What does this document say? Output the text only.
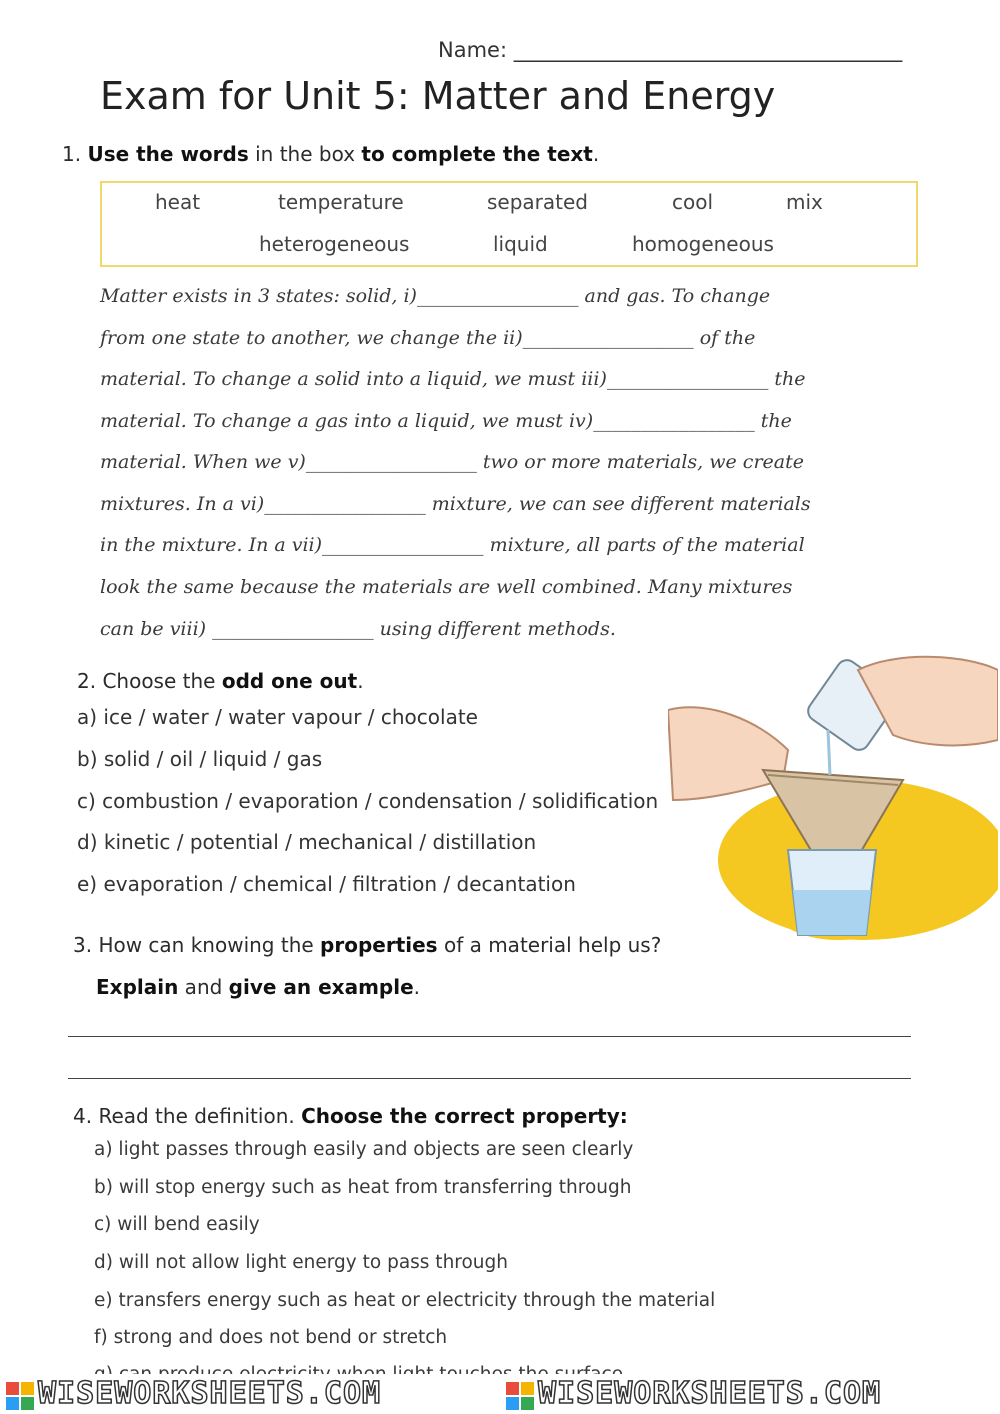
Name: _____________________________________
Exam for Unit 5: Matter and Energy
1. Use the words in the box to complete the text.
heat	temperature	separated	cool	mix
heterogeneous	liquid	homogeneous
Matter exists in 3 states: solid, i)_________________ and gas. To change
from one state to another, we change the ii)__________________ of the
material. To change a solid into a liquid, we must iii)_________________ the
material. To change a gas into a liquid, we must iv)_________________ the
material. When we v)__________________ two or more materials, we create
mixtures. In a vi)_________________ mixture, we can see different materials
in the mixture. In a vii)_________________ mixture, all parts of the material
look the same because the materials are well combined. Many mixtures
can be viii) _________________ using different methods.
2. Choose the odd one out.
a) ice / water / water vapour / chocolate
b) solid / oil / liquid / gas
c) combustion / evaporation / condensation / solidification
d) kinetic / potential / mechanical / distillation
e) evaporation / chemical / filtration / decantation
3. How can knowing the properties of a material help us?
Explain and give an example.
4. Read the definition. Choose the correct property:
a) light passes through easily and objects are seen clearly
b) will stop energy such as heat from transferring through
c) will bend easily
d) will not allow light energy to pass through
e) transfers energy such as heat or electricity through the material
f) strong and does not bend or stretch
WISEWORKSHEETS.COM	WISEWORKSHEETS.COM
